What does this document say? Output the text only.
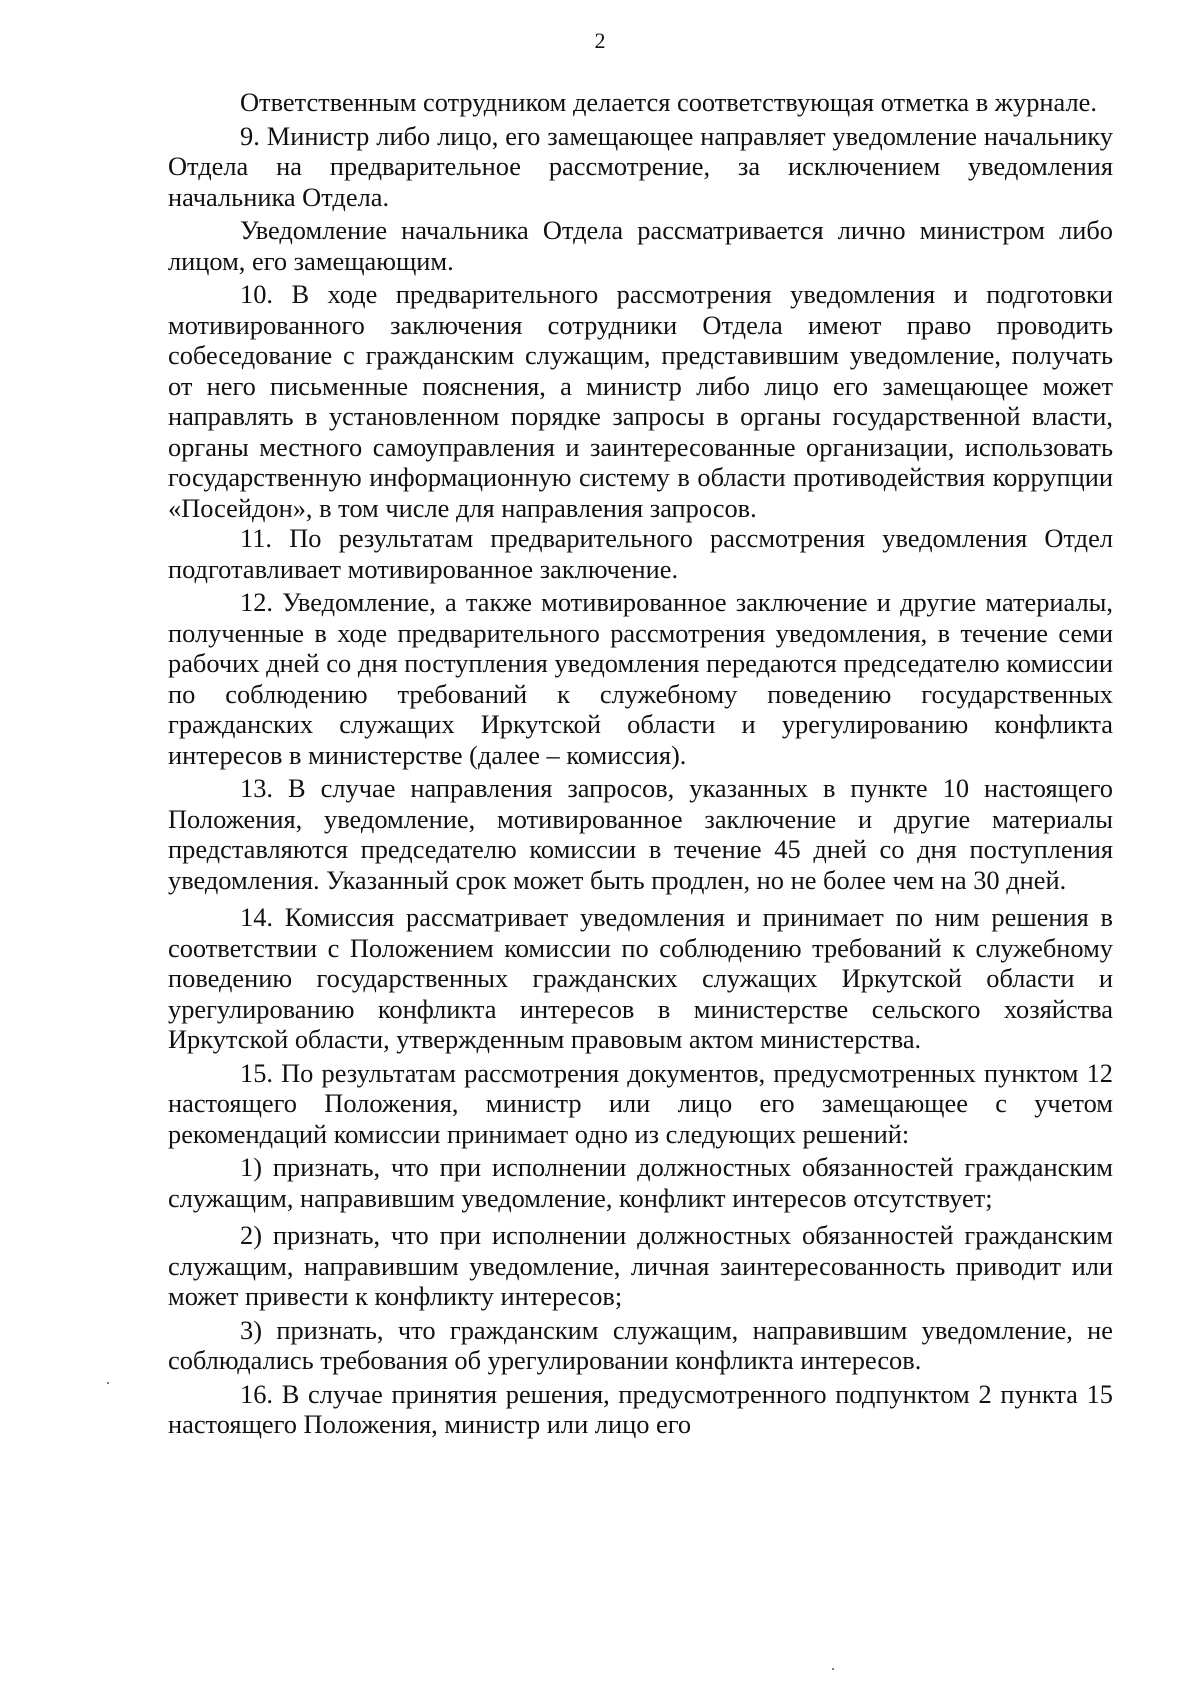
2

Ответственным сотрудником делается соответствующая отметка в журнале.

9. Министр либо лицо, его замещающее направляет уведомление начальнику Отдела на предварительное рассмотрение, за исключением уведомления начальника Отдела.

Уведомление начальника Отдела рассматривается лично министром либо лицом, его замещающим.

10. В ходе предварительного рассмотрения уведомления и подготовки мотивированного заключения сотрудники Отдела имеют право проводить собеседование с гражданским служащим, представившим уведомление, получать от него письменные пояснения, а министр либо лицо его замещающее может направлять в установленном порядке запросы в органы государственной власти, органы местного самоуправления и заинтересованные организации, использовать государственную информационную систему в области противодействия коррупции «Посейдон», в том числе для направления запросов.

11. По результатам предварительного рассмотрения уведомления Отдел подготавливает мотивированное заключение.

12. Уведомление, а также мотивированное заключение и другие материалы, полученные в ходе предварительного рассмотрения уведомления, в течение семи рабочих дней со дня поступления уведомления передаются председателю комиссии по соблюдению требований к служебному поведению государственных гражданских служащих Иркутской области и урегулированию конфликта интересов в министерстве (далее – комиссия).

13. В случае направления запросов, указанных в пункте 10 настоящего Положения, уведомление, мотивированное заключение и другие материалы представляются председателю комиссии в течение 45 дней со дня поступления уведомления. Указанный срок может быть продлен, но не более чем на 30 дней.

14. Комиссия рассматривает уведомления и принимает по ним решения в соответствии с Положением комиссии по соблюдению требований к служебному поведению государственных гражданских служащих Иркутской области и урегулированию конфликта интересов в министерстве сельского хозяйства Иркутской области, утвержденным правовым актом министерства.

15. По результатам рассмотрения документов, предусмотренных пунктом 12 настоящего Положения, министр или лицо его замещающее с учетом рекомендаций комиссии принимает одно из следующих решений:

1) признать, что при исполнении должностных обязанностей гражданским служащим, направившим уведомление, конфликт интересов отсутствует;

2) признать, что при исполнении должностных обязанностей гражданским служащим, направившим уведомление, личная заинтересованность приводит или может привести к конфликту интересов;

3) признать, что гражданским служащим, направившим уведомление, не соблюдались требования об урегулировании конфликта интересов.

16. В случае принятия решения, предусмотренного подпунктом 2 пункта 15 настоящего Положения, министр или лицо его
